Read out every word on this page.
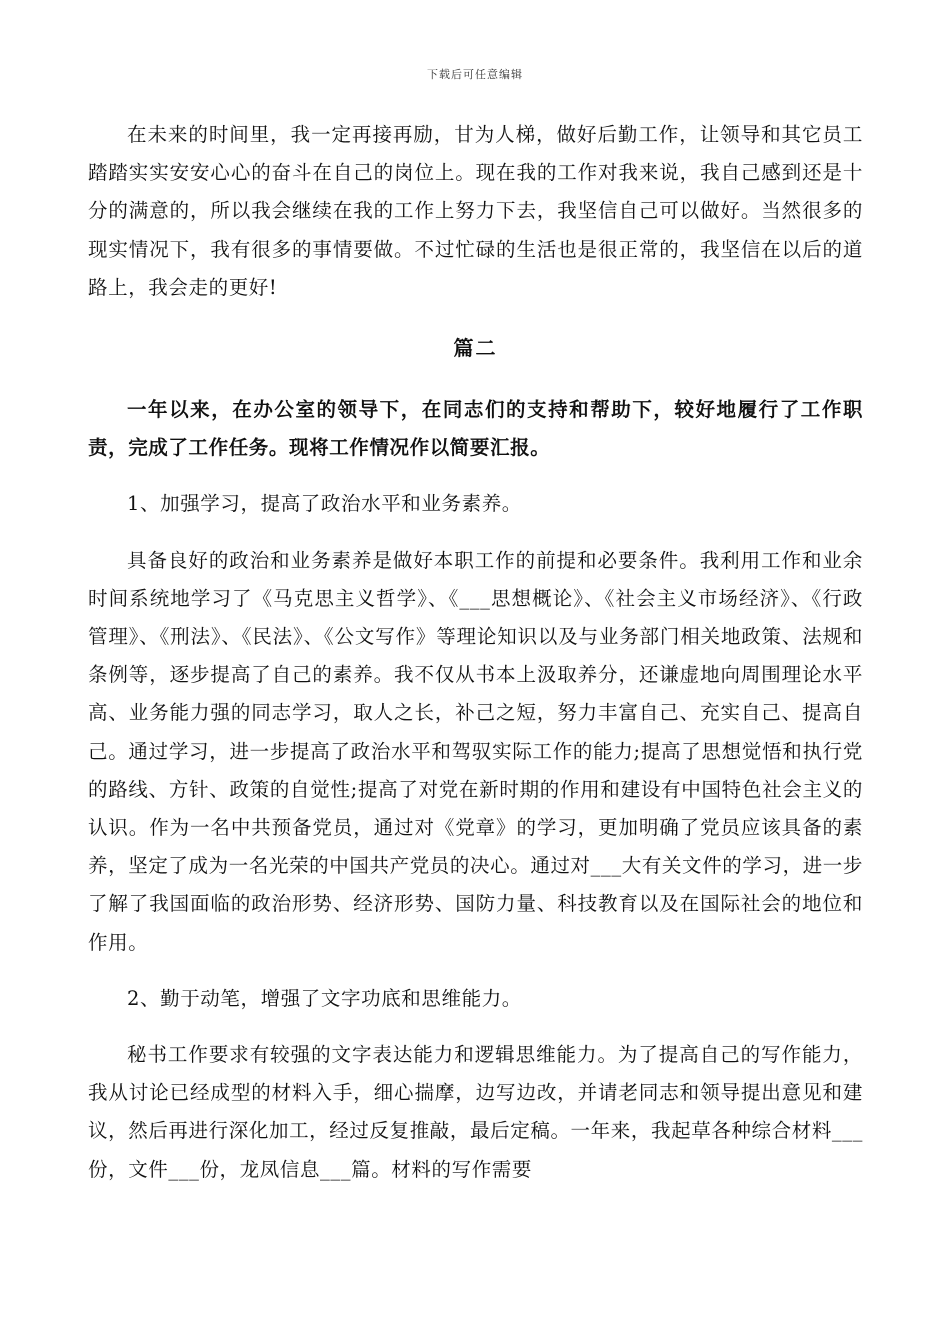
下载后可任意编辑

在未来的时间里，我一定再接再励，甘为人梯，做好后勤工作，让领导和其它员工踏踏实实安安心心的奋斗在自己的岗位上。现在我的工作对我来说，我自己感到还是十分的满意的，所以我会继续在我的工作上努力下去，我坚信自己可以做好。当然很多的现实情况下，我有很多的事情要做。不过忙碌的生活也是很正常的，我坚信在以后的道路上，我会走的更好!

篇二

一年以来，在办公室的领导下，在同志们的支持和帮助下，较好地履行了工作职责，完成了工作任务。现将工作情况作以简要汇报。

1、加强学习，提高了政治水平和业务素养。

具备良好的政治和业务素养是做好本职工作的前提和必要条件。我利用工作和业余时间系统地学习了《马克思主义哲学》、《___思想概论》、《社会主义市场经济》、《行政管理》、《刑法》、《民法》、《公文写作》等理论知识以及与业务部门相关地政策、法规和条例等，逐步提高了自己的素养。我不仅从书本上汲取养分，还谦虚地向周围理论水平高、业务能力强的同志学习，取人之长，补己之短，努力丰富自己、充实自己、提高自己。通过学习，进一步提高了政治水平和驾驭实际工作的能力;提高了思想觉悟和执行党的路线、方针、政策的自觉性;提高了对党在新时期的作用和建设有中国特色社会主义的认识。作为一名中共预备党员，通过对《党章》的学习，更加明确了党员应该具备的素养，坚定了成为一名光荣的中国共产党员的决心。通过对___大有关文件的学习，进一步了解了我国面临的政治形势、经济形势、国防力量、科技教育以及在国际社会的地位和作用。

2、勤于动笔，增强了文字功底和思维能力。

秘书工作要求有较强的文字表达能力和逻辑思维能力。为了提高自己的写作能力，我从讨论已经成型的材料入手，细心揣摩，边写边改，并请老同志和领导提出意见和建议，然后再进行深化加工，经过反复推敲，最后定稿。一年来，我起草各种综合材料___份，文件___份，龙凤信息___篇。材料的写作需要
